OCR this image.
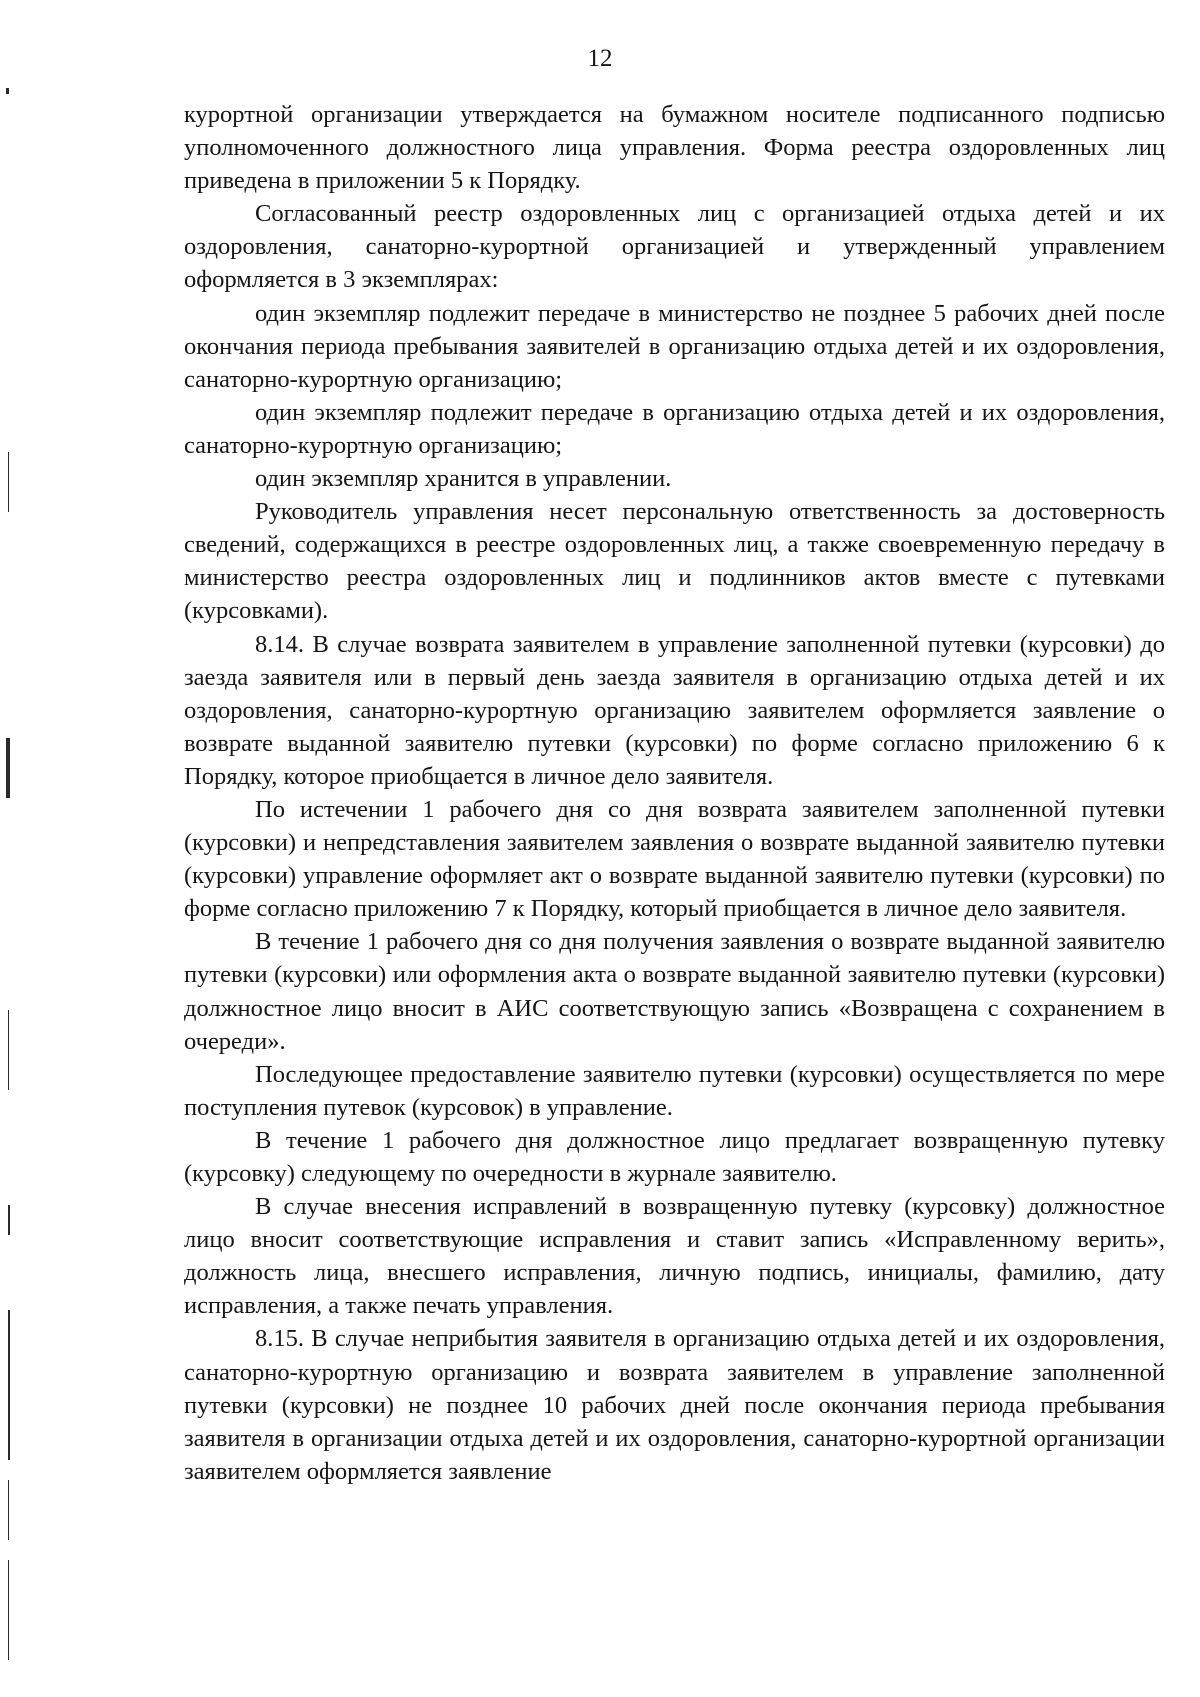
12

курортной организации утверждается на бумажном носителе подписанного подписью уполномоченного должностного лица управления. Форма реестра оздоровленных лиц приведена в приложении 5 к Порядку.

Согласованный реестр оздоровленных лиц с организацией отдыха детей и их оздоровления, санаторно-курортной организацией и утвержденный управлением оформляется в 3 экземплярах:

один экземпляр подлежит передаче в министерство не позднее 5 рабочих дней после окончания периода пребывания заявителей в организацию отдыха детей и их оздоровления, санаторно-курортную организацию;

один экземпляр подлежит передаче в организацию отдыха детей и их оздоровления, санаторно-курортную организацию;

один экземпляр хранится в управлении.

Руководитель управления несет персональную ответственность за достоверность сведений, содержащихся в реестре оздоровленных лиц, а также своевременную передачу в министерство реестра оздоровленных лиц и подлинников актов вместе с путевками (курсовками).

8.14. В случае возврата заявителем в управление заполненной путевки (курсовки) до заезда заявителя или в первый день заезда заявителя в организацию отдыха детей и их оздоровления, санаторно-курортную организацию заявителем оформляется заявление о возврате выданной заявителю путевки (курсовки) по форме согласно приложению 6 к Порядку, которое приобщается в личное дело заявителя.

По истечении 1 рабочего дня со дня возврата заявителем заполненной путевки (курсовки) и непредставления заявителем заявления о возврате выданной заявителю путевки (курсовки) управление оформляет акт о возврате выданной заявителю путевки (курсовки) по форме согласно приложению 7 к Порядку, который приобщается в личное дело заявителя.

В течение 1 рабочего дня со дня получения заявления о возврате выданной заявителю путевки (курсовки) или оформления акта о возврате выданной заявителю путевки (курсовки) должностное лицо вносит в АИС соответствующую запись «Возвращена с сохранением в очереди».

Последующее предоставление заявителю путевки (курсовки) осуществляется по мере поступления путевок (курсовок) в управление.

В течение 1 рабочего дня должностное лицо предлагает возвращенную путевку (курсовку) следующему по очередности в журнале заявителю.

В случае внесения исправлений в возвращенную путевку (курсовку) должностное лицо вносит соответствующие исправления и ставит запись «Исправленному верить», должность лица, внесшего исправления, личную подпись, инициалы, фамилию, дату исправления, а также печать управления.

8.15. В случае неприбытия заявителя в организацию отдыха детей и их оздоровления, санаторно-курортную организацию и возврата заявителем в управление заполненной путевки (курсовки) не позднее 10 рабочих дней после окончания периода пребывания заявителя в организации отдыха детей и их оздоровления, санаторно-курортной организации заявителем оформляется заявление
